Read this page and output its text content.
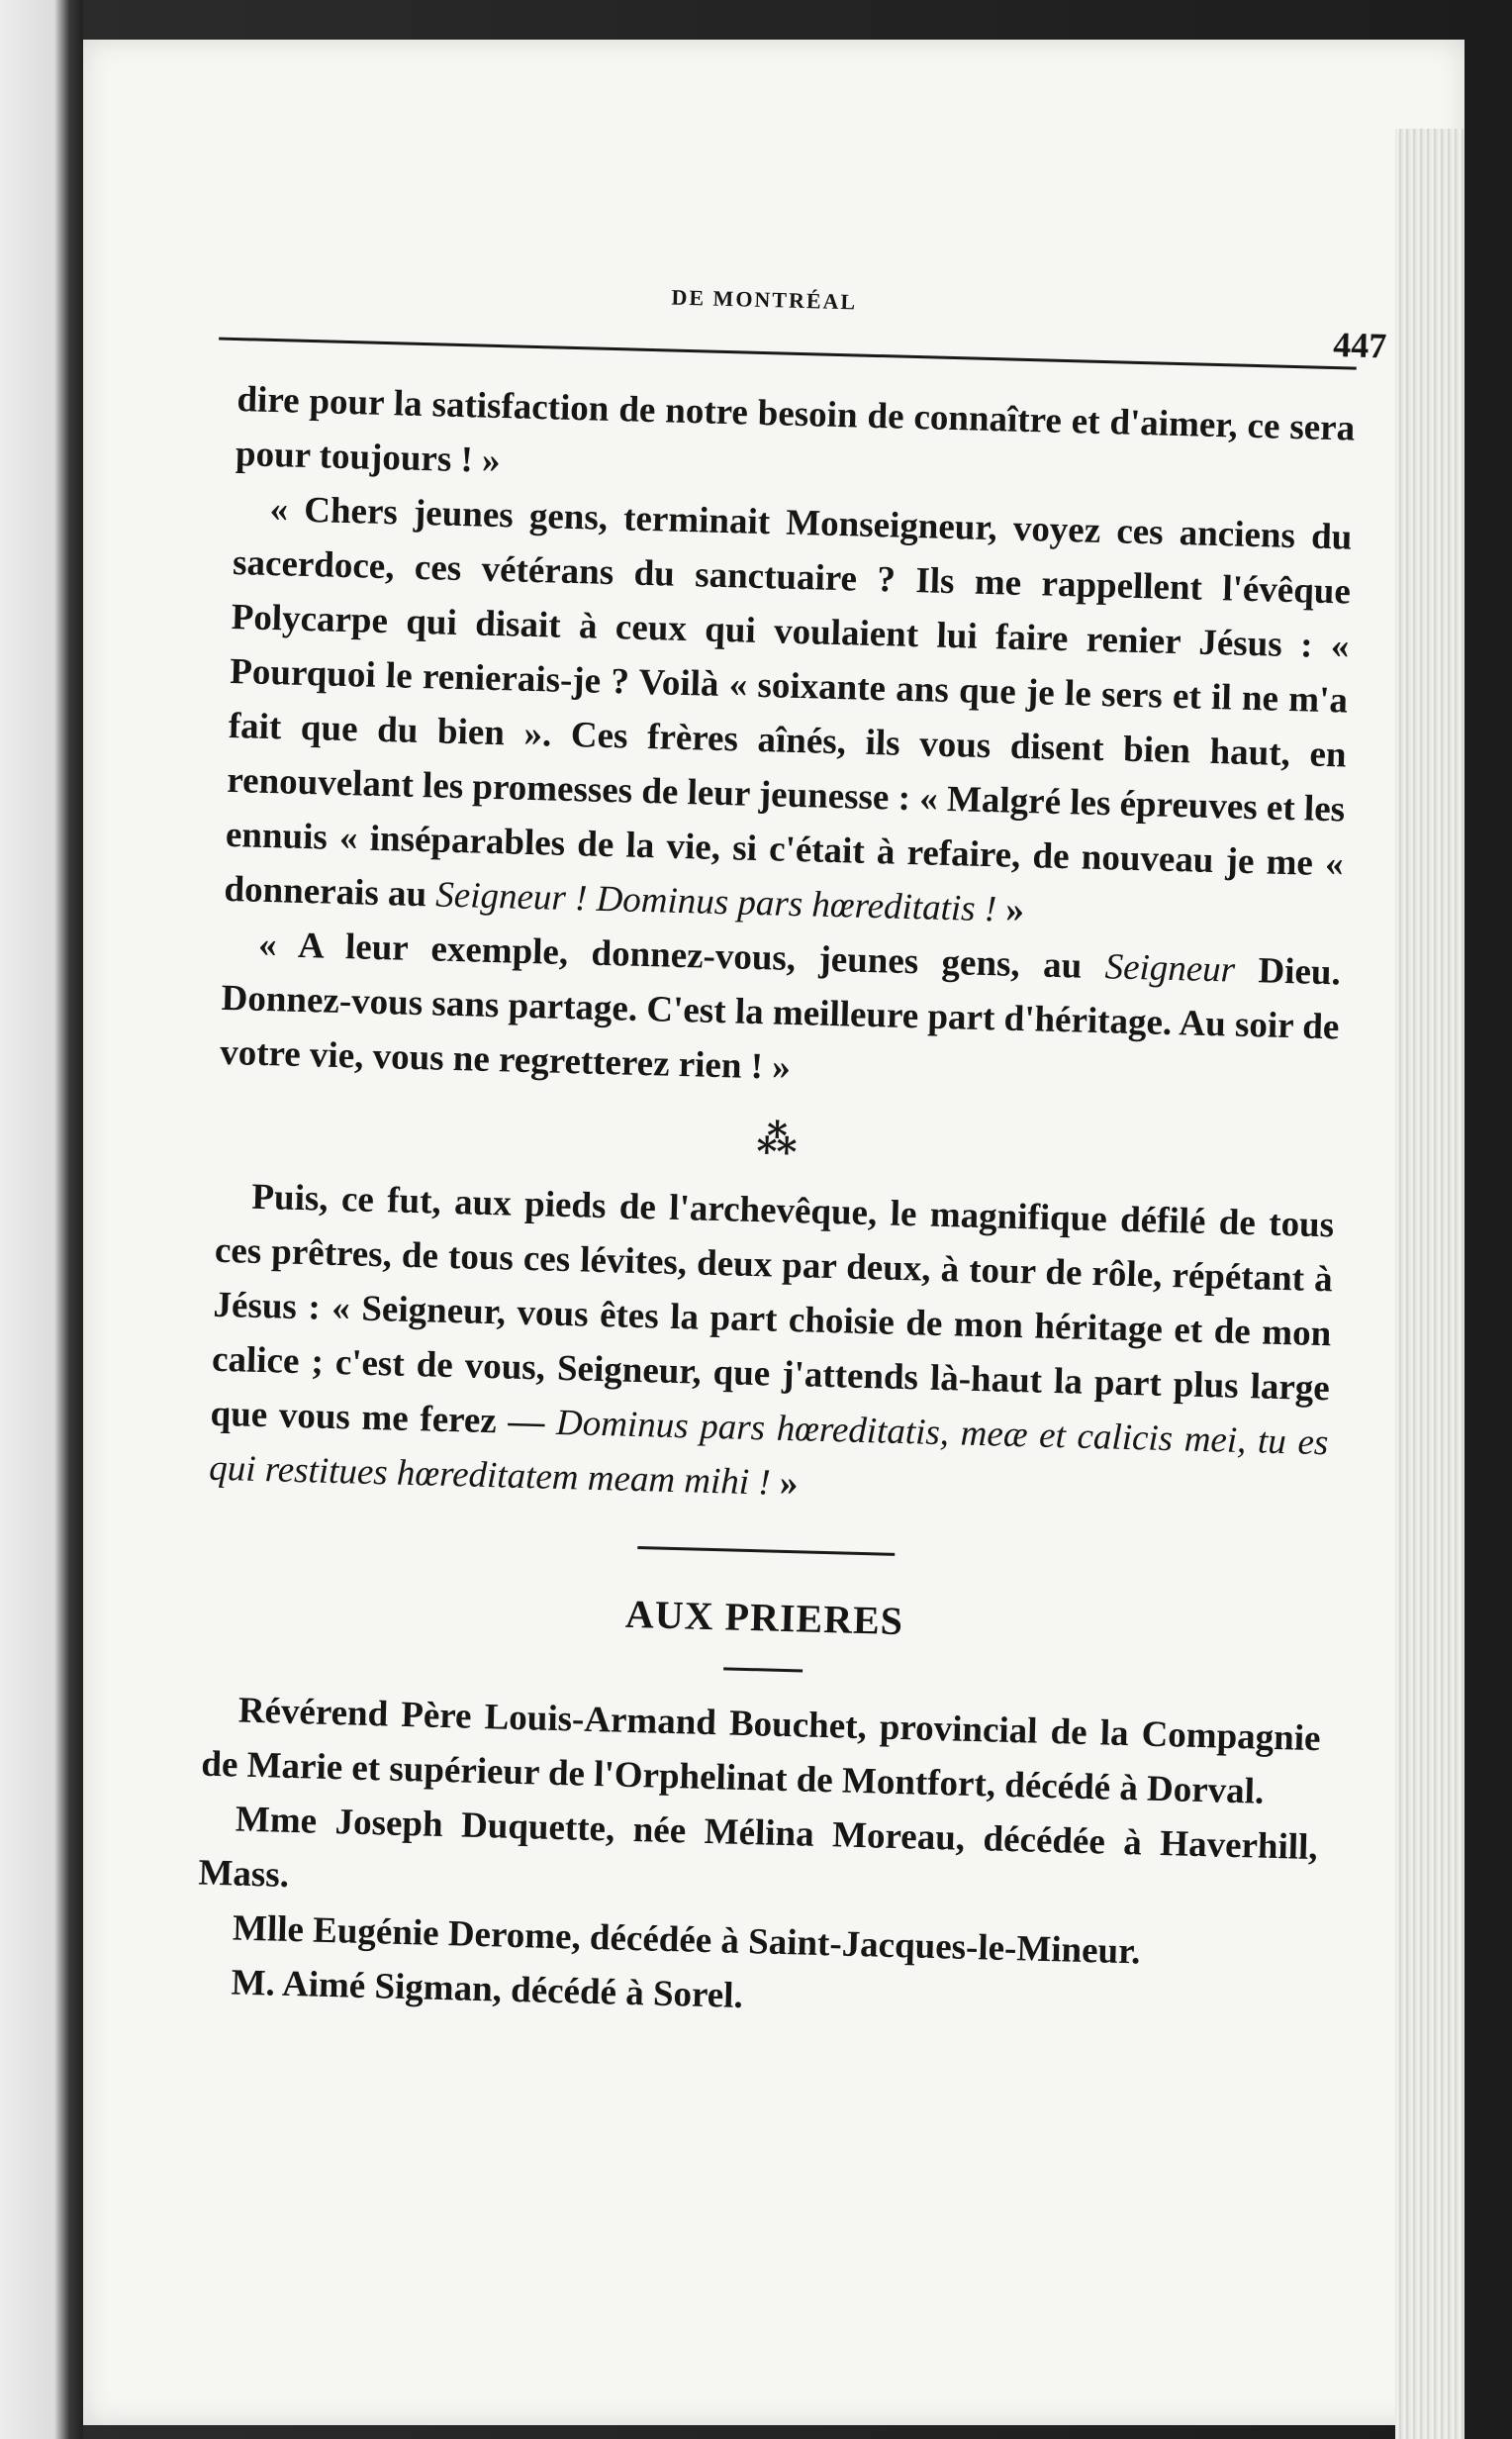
DE MONTRÉAL
447

dire pour la satisfaction de notre besoin de connaître et d'aimer, ce sera pour toujours ! »

« Chers jeunes gens, terminait Monseigneur, voyez ces anciens du sacerdoce, ces vétérans du sanctuaire ? Ils me rappellent l'évêque Polycarpe qui disait à ceux qui voulaient lui faire renier Jésus : « Pourquoi le renierais-je ? Voilà « soixante ans que je le sers et il ne m'a fait que du bien ». Ces frères aînés, ils vous disent bien haut, en renouvelant les promesses de leur jeunesse : « Malgré les épreuves et les ennuis « inséparables de la vie, si c'était à refaire, de nouveau je me « donnerais au Seigneur ! Dominus pars hœreditatis ! »

« A leur exemple, donnez-vous, jeunes gens, au Seigneur Dieu. Donnez-vous sans partage. C'est la meilleure part d'héritage. Au soir de votre vie, vous ne regretterez rien ! »

⁂

Puis, ce fut, aux pieds de l'archevêque, le magnifique défilé de tous ces prêtres, de tous ces lévites, deux par deux, à tour de rôle, répétant à Jésus : « Seigneur, vous êtes la part choisie de mon héritage et de mon calice ; c'est de vous, Seigneur, que j'attends là-haut la part plus large que vous me ferez — Dominus pars hœreditatis, meæ et calicis mei, tu es qui restitues hœreditatem meam mihi ! »

AUX PRIERES

Révérend Père Louis-Armand Bouchet, provincial de la Compagnie de Marie et supérieur de l'Orphelinat de Montfort, décédé à Dorval.

Mme Joseph Duquette, née Mélina Moreau, décédée à Haverhill, Mass.

Mlle Eugénie Derome, décédée à Saint-Jacques-le-Mineur.

M. Aimé Sigman, décédé à Sorel.
